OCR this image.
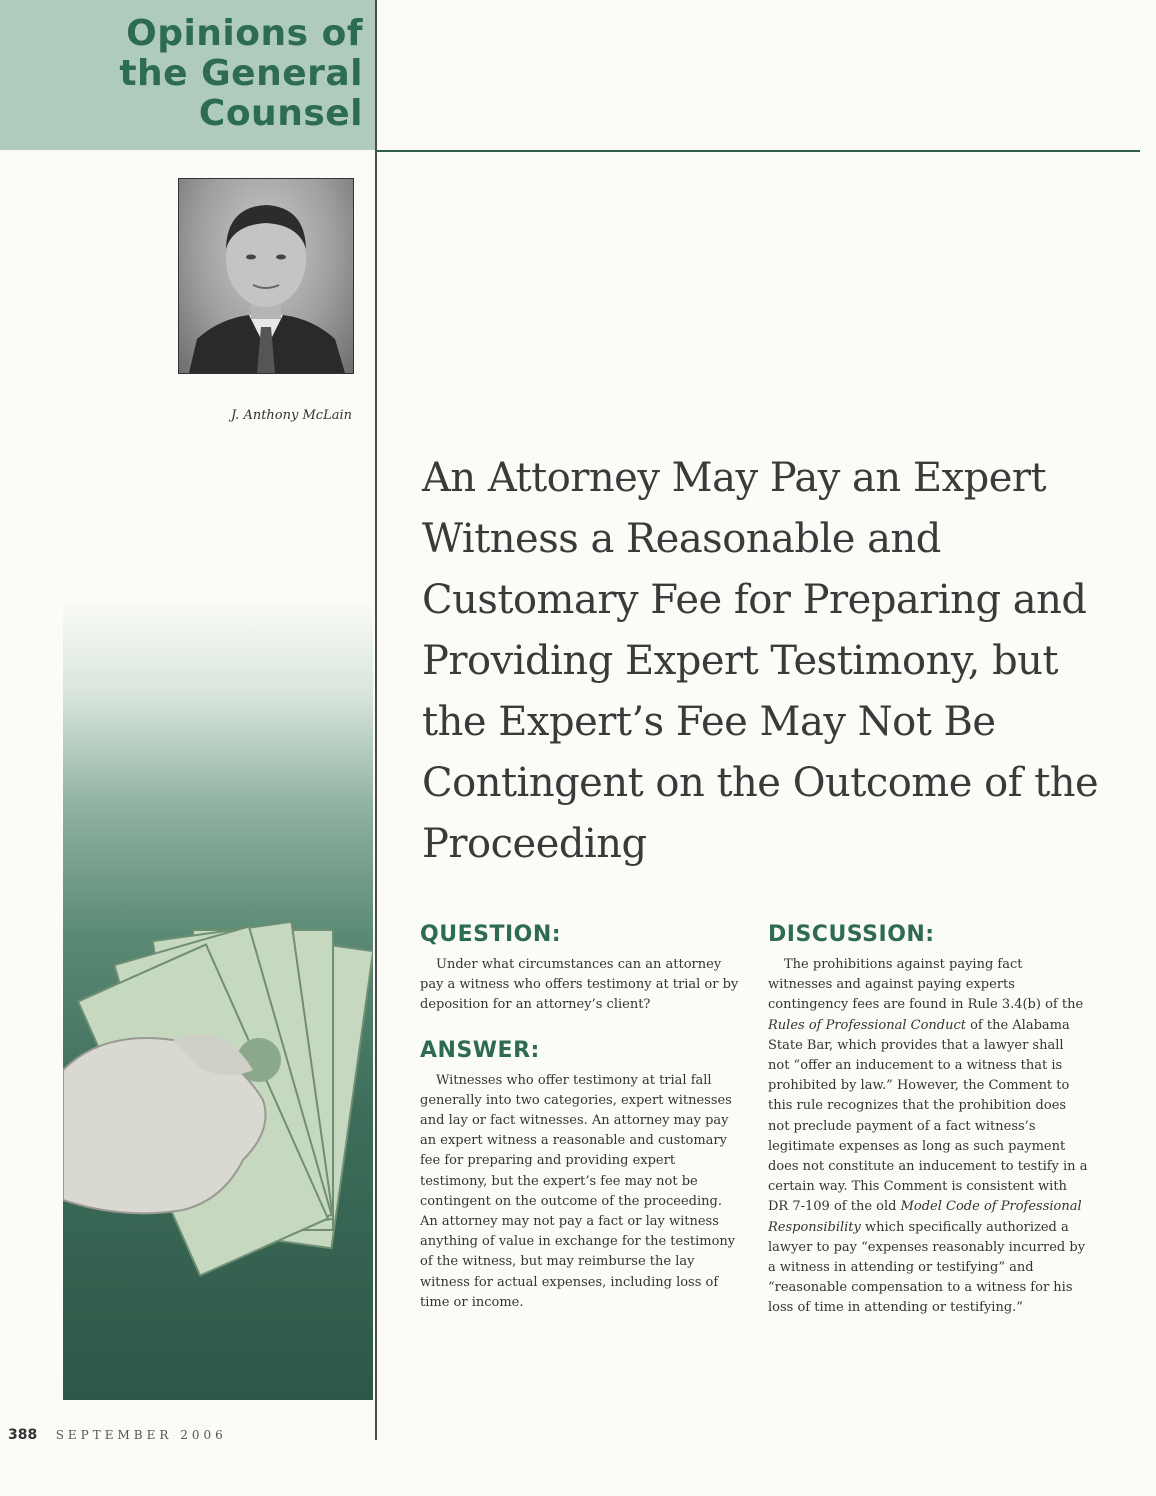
Opinions of
the General
Counsel

J. Anthony McLain

An Attorney May Pay an Expert Witness a Reasonable and Customary Fee for Preparing and Providing Expert Testimony, but the Expert’s Fee May Not Be Contingent on the Outcome of the Proceeding
QUESTION:

Under what circumstances can an attorney pay a witness who offers testimony at trial or by deposition for an attorney’s client?

ANSWER:

Witnesses who offer testimony at trial fall generally into two categories, expert witnesses and lay or fact witnesses. An attorney may pay an expert witness a reasonable and customary fee for preparing and providing expert testimony, but the expert’s fee may not be contingent on the outcome of the proceeding. An attorney may not pay a fact or lay witness anything of value in exchange for the testimony of the witness, but may reimburse the lay witness for actual expenses, including loss of time or income.

DISCUSSION:

The prohibitions against paying fact witnesses and against paying experts contingency fees are found in Rule 3.4(b) of the Rules of Professional Conduct of the Alabama State Bar, which provides that a lawyer shall not “offer an inducement to a witness that is prohibited by law.” However, the Comment to this rule recognizes that the prohibition does not preclude payment of a fact witness’s legitimate expenses as long as such payment does not constitute an inducement to testify in a certain way. This Comment is consistent with DR 7-109 of the old Model Code of Professional Responsibility which specifically authorized a lawyer to pay “expenses reasonably incurred by a witness in attending or testifying” and “reasonable compensation to a witness for his loss of time in attending or testifying.”

388 SEPTEMBER 2006
